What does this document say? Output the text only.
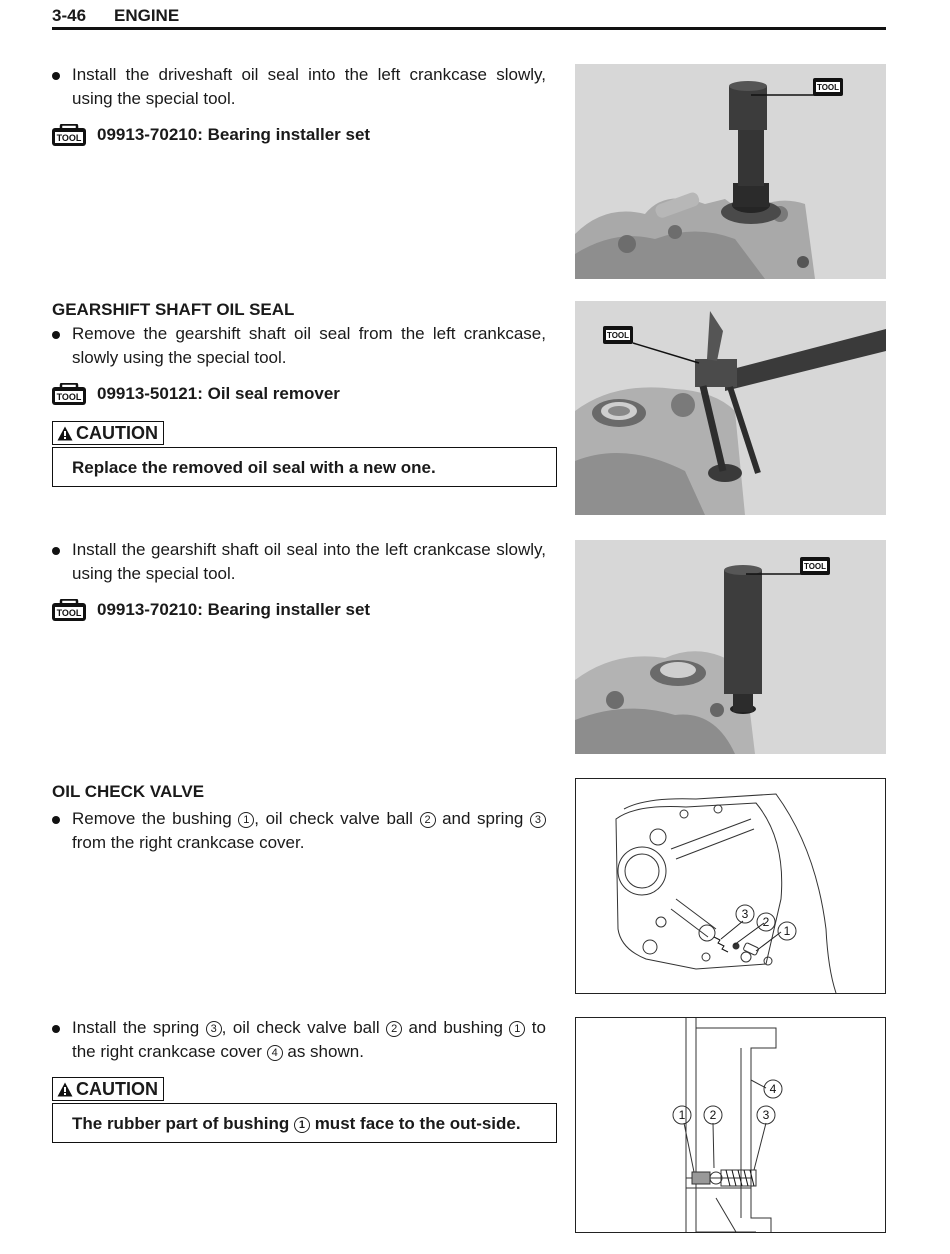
3-46 ENGINE
Install the driveshaft oil seal into the left crankcase slowly, using the special tool.
TOOL 09913-70210: Bearing installer set
GEARSHIFT SHAFT OIL SEAL
Remove the gearshift shaft oil seal from the left crankcase, slowly using the special tool.
TOOL 09913-50121: Oil seal remover
CAUTION
Replace the removed oil seal with a new one.
Install the gearshift shaft oil seal into the left crankcase slowly, using the special tool.
TOOL 09913-70210: Bearing installer set
OIL CHECK VALVE
Remove the bushing 1 , oil check valve ball 2 and spring 3 from the right crankcase cover.
Install the spring 3 , oil check valve ball 2 and bushing 1 to the right crankcase cover 4 as shown.
CAUTION
The rubber part of bushing 1 must face to the out-side.
TOOL
TOOL
TOOL
3
2
1
4
1 2	3
